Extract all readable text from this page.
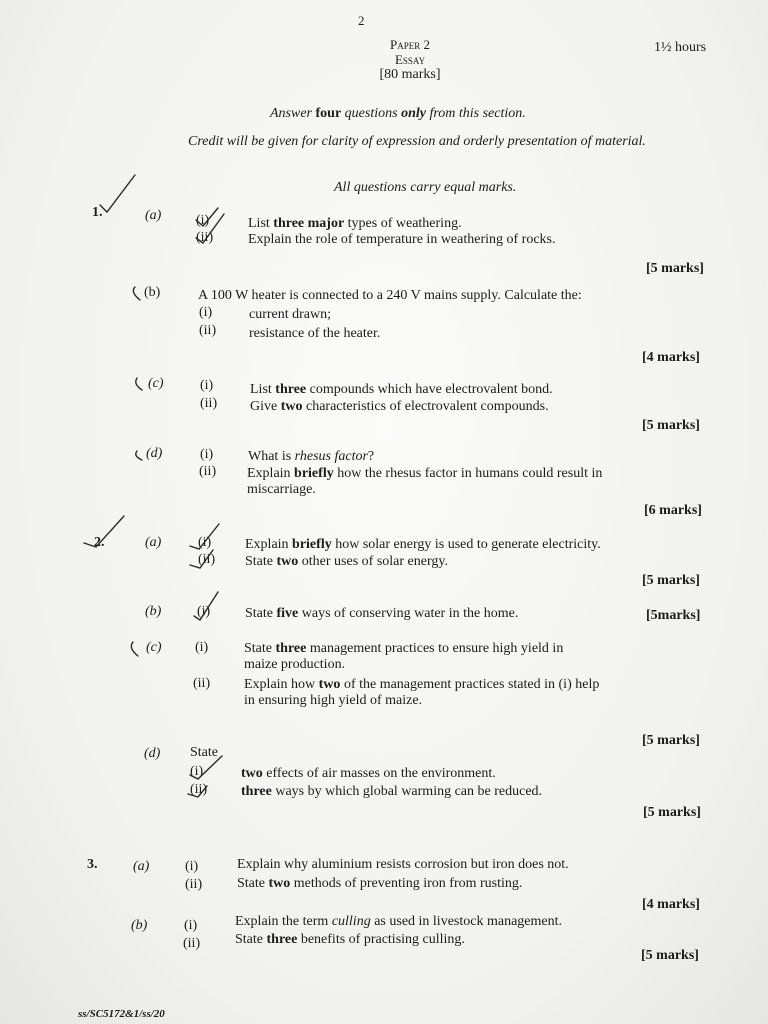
2
Paper 2
Essay
[80 marks]
1½ hours
Answer four questions only from this section.
Credit will be given for clarity of expression and orderly presentation of material.
All questions carry equal marks.
1.	(a) (i)	List three major types of weathering.
(ii) Explain the role of temperature in weathering of rocks.
[5 marks]
(b)	A 100 W heater is connected to a 240 V mains supply. Calculate the:
(i)	current drawn;
(ii) resistance of the heater.
[4 marks]
(c)	(i)	List three compounds which have electrovalent bond.
(ii) Give two characteristics of electrovalent compounds.
[5 marks]
(d)	(i) What is rhesus factor?
(ii) Explain briefly how the rhesus factor in humans could result in
miscarriage.
[6 marks]
2.	(a)	(i) Explain briefly how solar energy is used to generate electricity.
(ii) State two other uses of solar energy.
[5 marks]
(b)	(i) State five ways of conserving water in the home.	[5marks]
(c) (i)	State three management practices to ensure high yield in
maize production.
(ii) Explain how two of the management practices stated in (i) help
in ensuring high yield of maize.
[5 marks]
(d) State
(i)	two effects of air masses on the environment.
(ii) three ways by which global warming can be reduced.
[5 marks]
3.	(a)	(i)	Explain why aluminium resists corrosion but iron does not.
(ii) State two methods of preventing iron from rusting.
[4 marks]
(b)	(i)	Explain the term culling as used in livestock management.
(ii) State three benefits of practising culling.
[5 marks]
ss/SC5172&1/ss/20
